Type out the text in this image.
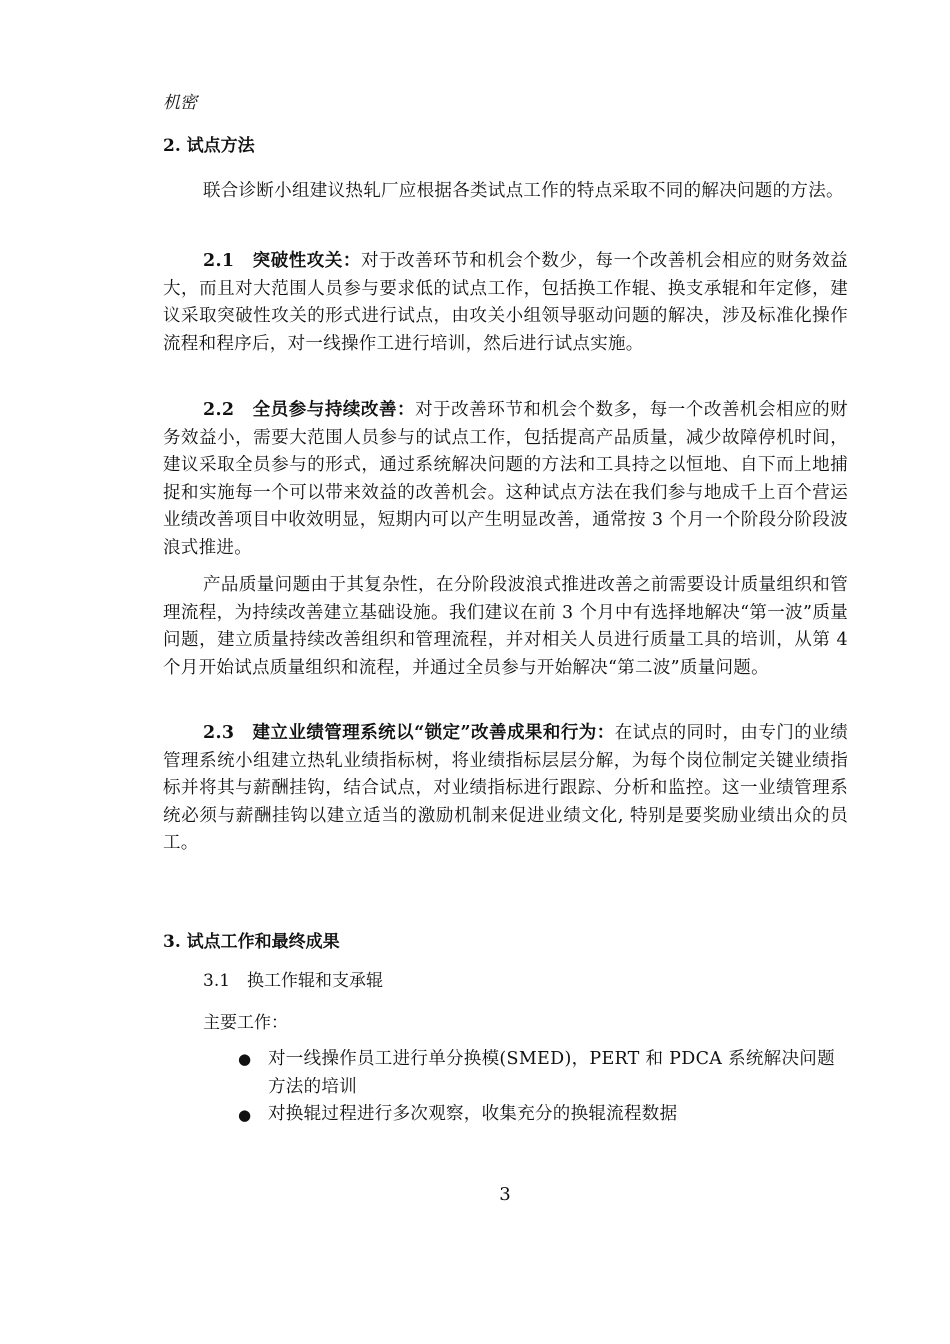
机密
2. 试点方法
联合诊断小组建议热轧厂应根据各类试点工作的特点采取不同的解决问题的方法。
2.1　突破性攻关：对于改善环节和机会个数少，每一个改善机会相应的财务效益大，而且对大范围人员参与要求低的试点工作，包括换工作辊、换支承辊和年定修，建议采取突破性攻关的形式进行试点，由攻关小组领导驱动问题的解决，涉及标准化操作流程和程序后，对一线操作工进行培训，然后进行试点实施。
2.2　全员参与持续改善：对于改善环节和机会个数多，每一个改善机会相应的财务效益小，需要大范围人员参与的试点工作，包括提高产品质量，减少故障停机时间，建议采取全员参与的形式，通过系统解决问题的方法和工具持之以恒地、自下而上地捕捉和实施每一个可以带来效益的改善机会。这种试点方法在我们参与地成千上百个营运业绩改善项目中收效明显，短期内可以产生明显改善，通常按 3 个月一个阶段分阶段波浪式推进。
产品质量问题由于其复杂性，在分阶段波浪式推进改善之前需要设计质量组织和管理流程，为持续改善建立基础设施。我们建议在前 3 个月中有选择地解决“第一波”质量问题，建立质量持续改善组织和管理流程，并对相关人员进行质量工具的培训，从第 4 个月开始试点质量组织和流程，并通过全员参与开始解决“第二波”质量问题。
2.3　建立业绩管理系统以“锁定”改善成果和行为：在试点的同时，由专门的业绩管理系统小组建立热轧业绩指标树，将业绩指标层层分解，为每个岗位制定关键业绩指标并将其与薪酬挂钩，结合试点，对业绩指标进行跟踪、分析和监控。这一业绩管理系统必须与薪酬挂钩以建立适当的激励机制来促进业绩文化, 特别是要奖励业绩出众的员工。
3. 试点工作和最终成果
3.1　换工作辊和支承辊
主要工作：
● 对一线操作员工进行单分换模(SMED)，PERT 和 PDCA 系统解决问题方法的培训
● 对换辊过程进行多次观察，收集充分的换辊流程数据
3
